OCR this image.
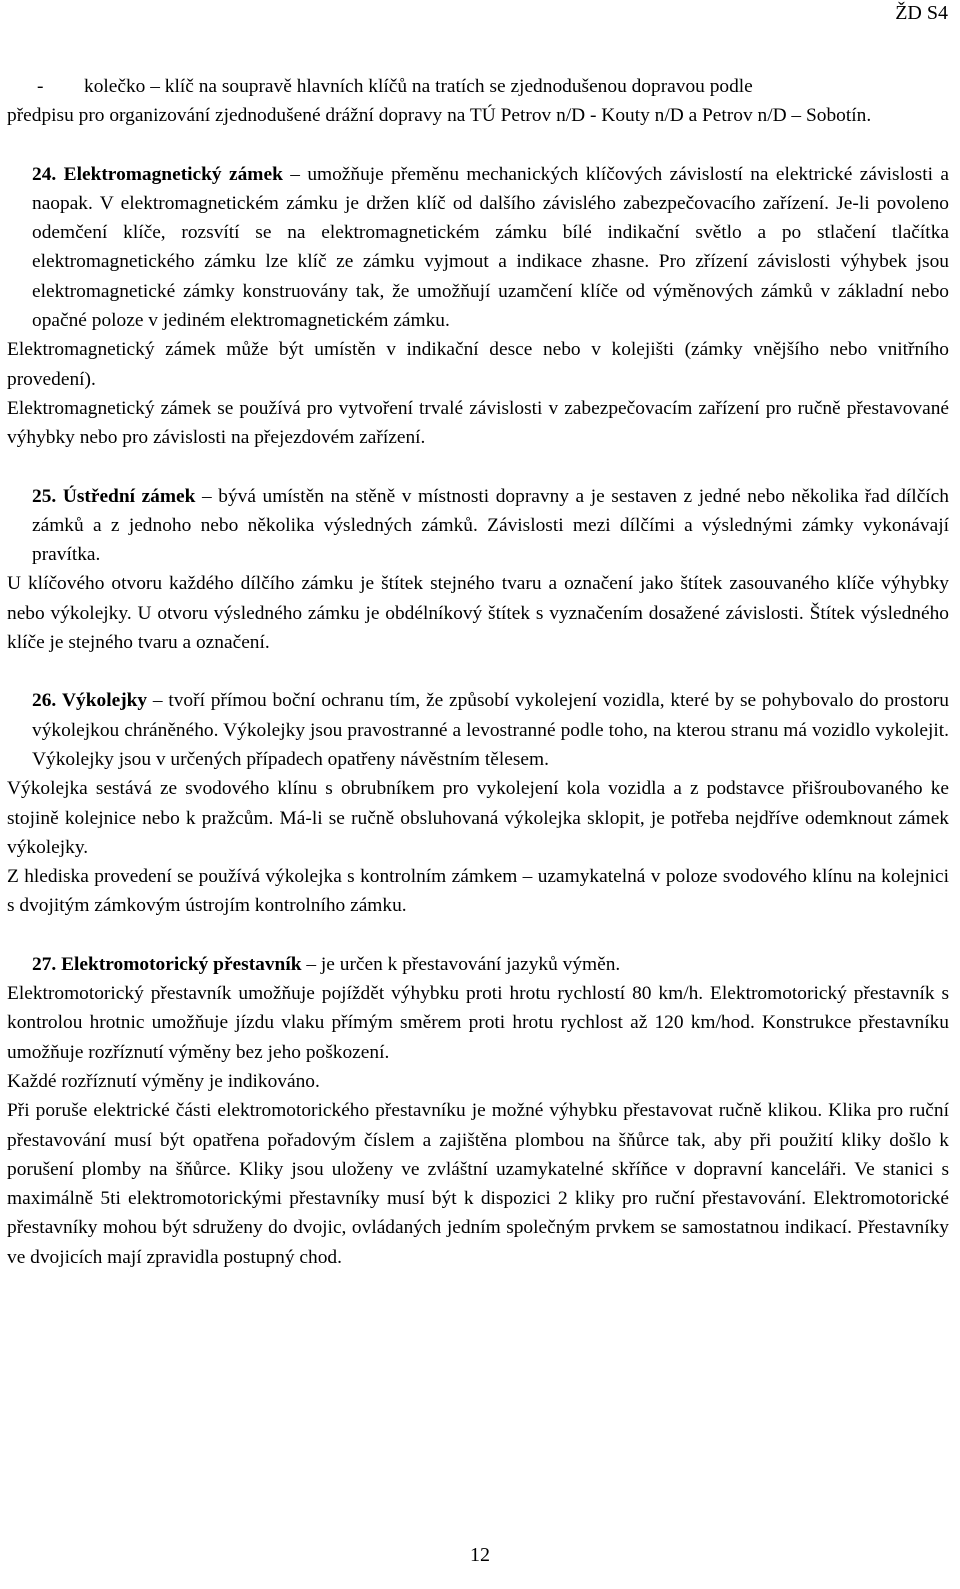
ŽD S4

- kolečko – klíč na soupravě hlavních klíčů na tratích se zjednodušenou dopravou podle
předpisu pro organizování zjednodušené drážní dopravy na TÚ Petrov n/D - Kouty n/D a Petrov n/D – Sobotín.

24. Elektromagnetický zámek – umožňuje přeměnu mechanických klíčových závislostí na elektrické závislosti a naopak. V elektromagnetickém zámku je držen klíč od dalšího závislého zabezpečovacího zařízení. Je-li povoleno odemčení klíče, rozsvítí se na elektromagnetickém zámku bílé indikační světlo a po stlačení tlačítka elektromagnetického zámku lze klíč ze zámku vyjmout a indikace zhasne. Pro zřízení závislosti výhybek jsou elektromagnetické zámky konstruovány tak, že umožňují uzamčení klíče od výměnových zámků v základní nebo opačné poloze v jediném elektromagnetickém zámku.

Elektromagnetický zámek může být umístěn v indikační desce nebo v kolejišti (zámky vnějšího nebo vnitřního provedení).

Elektromagnetický zámek se používá pro vytvoření trvalé závislosti v zabezpečovacím zařízení pro ručně přestavované výhybky nebo pro závislosti na přejezdovém zařízení.

25. Ústřední zámek – bývá umístěn na stěně v místnosti dopravny a je sestaven z jedné nebo několika řad dílčích zámků a z jednoho nebo několika výsledných zámků. Závislosti mezi dílčími a výslednými zámky vykonávají pravítka.

U klíčového otvoru každého dílčího zámku je štítek stejného tvaru a označení jako štítek zasouvaného klíče výhybky nebo výkolejky. U otvoru výsledného zámku je obdélníkový štítek s vyznačením dosažené závislosti. Štítek výsledného klíče je stejného tvaru a označení.

26. Výkolejky – tvoří přímou boční ochranu tím, že způsobí vykolejení vozidla, které by se pohybovalo do prostoru výkolejkou chráněného. Výkolejky jsou pravostranné a levostranné podle toho, na kterou stranu má vozidlo vykolejit. Výkolejky jsou v určených případech opatřeny návěstním tělesem.

Výkolejka sestává ze svodového klínu s obrubníkem pro vykolejení kola vozidla a z podstavce přišroubovaného ke stojině kolejnice nebo k pražcům. Má-li se ručně obsluhovaná výkolejka sklopit, je potřeba nejdříve odemknout zámek výkolejky.

Z hlediska provedení se používá výkolejka s kontrolním zámkem – uzamykatelná v poloze svodového klínu na kolejnici s dvojitým zámkovým ústrojím kontrolního zámku.

27. Elektromotorický přestavník – je určen k přestavování jazyků výměn.

Elektromotorický přestavník umožňuje pojíždět výhybku proti hrotu rychlostí 80 km/h. Elektromotorický přestavník s kontrolou hrotnic umožňuje jízdu vlaku přímým směrem proti hrotu rychlost až 120 km/hod. Konstrukce přestavníku umožňuje rozříznutí výměny bez jeho poškození.

Každé rozříznutí výměny je indikováno.

Při poruše elektrické části elektromotorického přestavníku je možné výhybku přestavovat ručně klikou. Klika pro ruční přestavování musí být opatřena pořadovým číslem a zajištěna plombou na šňůrce tak, aby při použití kliky došlo k porušení plomby na šňůrce. Kliky jsou uloženy ve zvláštní uzamykatelné skříňce v dopravní kanceláři. Ve stanici s maximálně 5ti elektromotorickými přestavníky musí být k dispozici 2 kliky pro ruční přestavování. Elektromotorické přestavníky mohou být sdruženy do dvojic, ovládaných jedním společným prvkem se samostatnou indikací. Přestavníky ve dvojicích mají zpravidla postupný chod.

12
